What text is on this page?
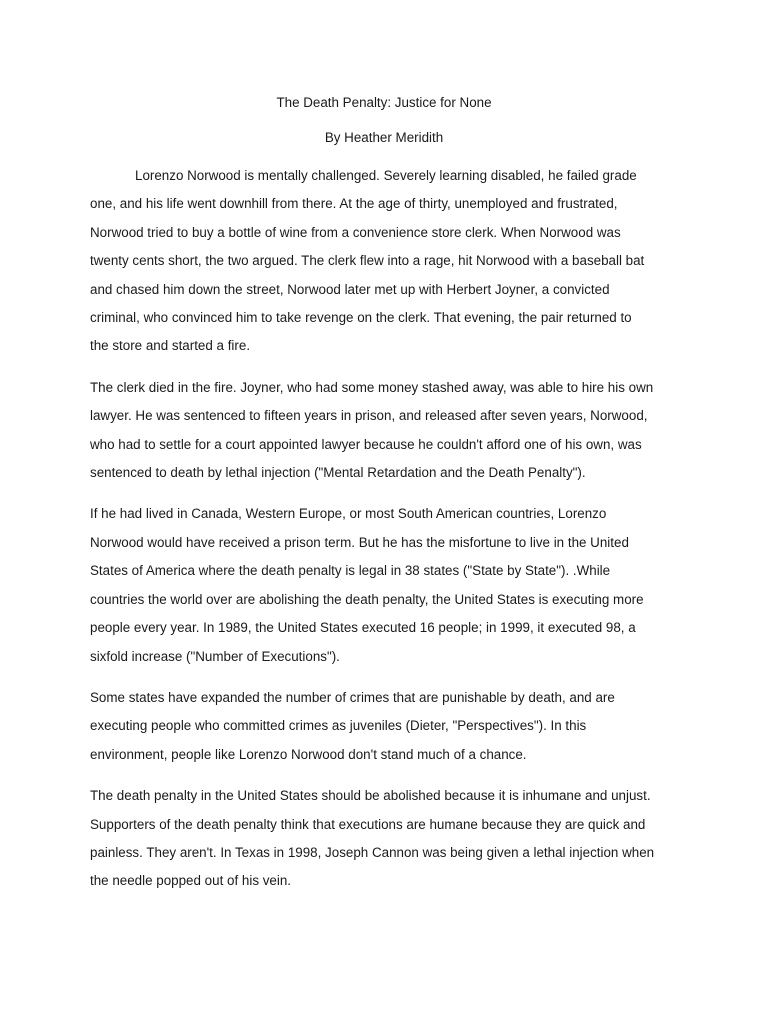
The Death Penalty: Justice for None

By Heather Meridith

Lorenzo Norwood is mentally challenged. Severely learning disabled, he failed grade
one, and his life went downhill from there. At the age of thirty, unemployed and frustrated,
Norwood tried to buy a bottle of wine from a convenience store clerk. When Norwood was
twenty cents short, the two argued. The clerk flew into a rage, hit Norwood with a baseball bat
and chased him down the street, Norwood later met up with Herbert Joyner, a convicted
criminal, who convinced him to take revenge on the clerk. That evening, the pair returned to
the store and started a fire.

The clerk died in the fire. Joyner, who had some money stashed away, was able to hire his own
lawyer. He was sentenced to fifteen years in prison, and released after seven years, Norwood,
who had to settle for a court appointed lawyer because he couldn't afford one of his own, was
sentenced to death by lethal injection ("Mental Retardation and the Death Penalty").

If he had lived in Canada, Western Europe, or most South American countries, Lorenzo
Norwood would have received a prison term. But he has the misfortune to live in the United
States of America where the death penalty is legal in 38 states ("State by State"). .While
countries the world over are abolishing the death penalty, the United States is executing more
people every year. In 1989, the United States executed 16 people; in 1999, it executed 98, a
sixfold increase ("Number of Executions").

Some states have expanded the number of crimes that are punishable by death, and are
executing people who committed crimes as juveniles (Dieter, "Perspectives"). In this
environment, people like Lorenzo Norwood don't stand much of a chance.

The death penalty in the United States should be abolished because it is inhumane and unjust.
Supporters of the death penalty think that executions are humane because they are quick and
painless. They aren't. In Texas in 1998, Joseph Cannon was being given a lethal injection when
the needle popped out of his vein.
